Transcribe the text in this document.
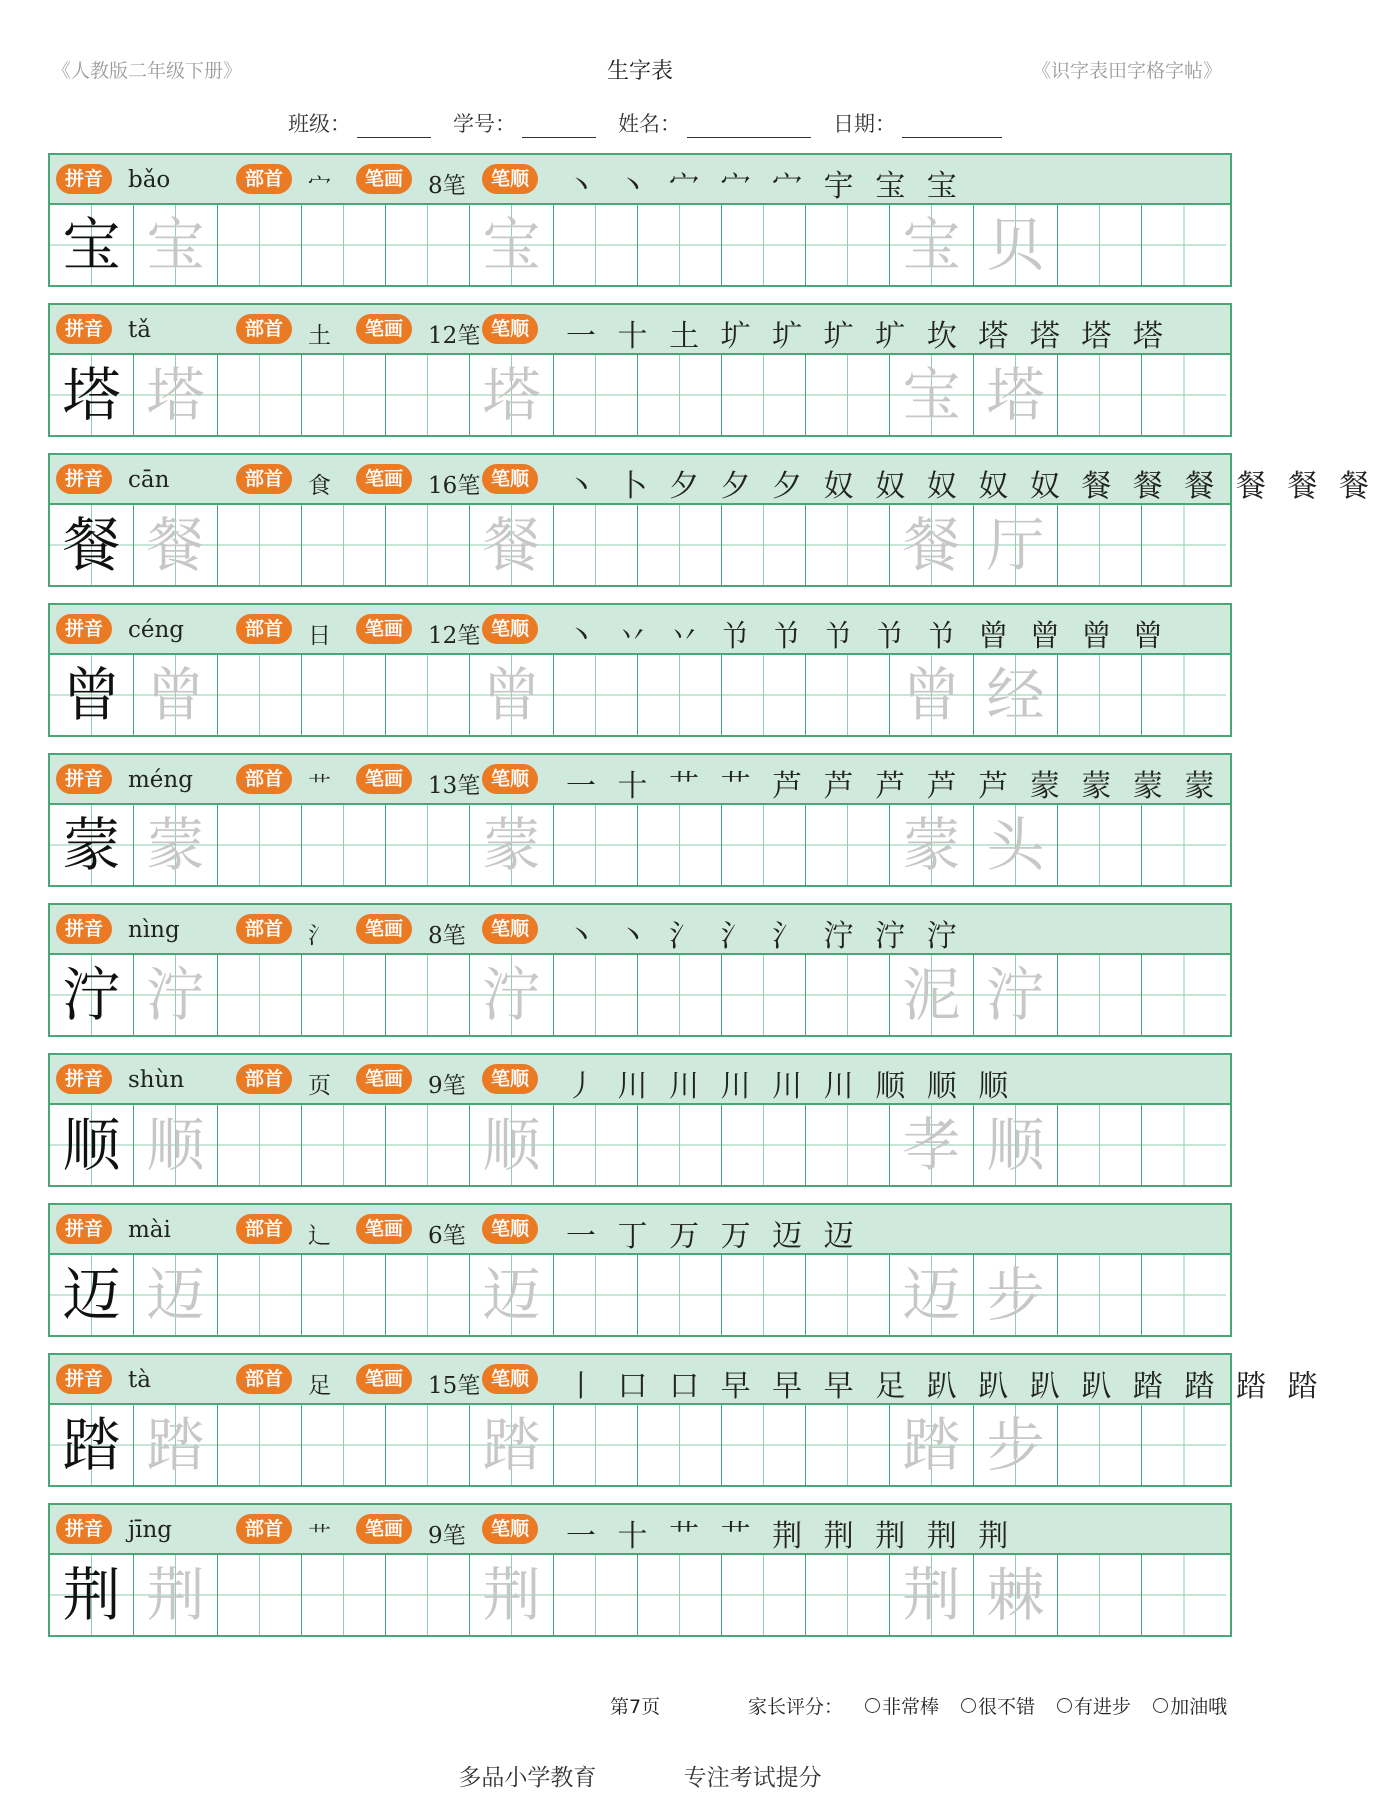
《人教版二年级下册》	生字表	《识字表田字格字帖》
班级：	学号：	姓名：	日期：
拼音	部首	笔画	笔顺
bǎo	宀	8笔	丶 丶 宀 宀 宀 宇 宝 宝
宝 宝	宝	宝 贝
拼音	部首	笔画	笔顺
tǎ	土	12笔	一 十 土 圹 圹 圹 圹 坎 塔 塔 塔 塔
塔 塔	塔	宝 塔
拼音	部首	笔画	笔顺
cān	食	16笔	丶 卜 夕 夕 夕 奴 奴 奴 奴 奴 餐 餐 餐 餐 餐 餐
餐 餐	餐	餐 厅
拼音	部首	笔画	笔顺
céng	日	12笔	丶 丷 丷 兯 兯 兯 兯 兯 曾 曾 曾 曾
曾 曾	曾	曾 经
拼音	部首	笔画	笔顺
méng	艹	13笔	一 十 艹 艹 芦 芦 芦 芦 芦 蒙 蒙 蒙 蒙
蒙 蒙	蒙	蒙 头
拼音	部首	笔画	笔顺
nìng	氵	8笔	丶 丶 氵 氵 氵 泞 泞 泞
泞 泞	泞	泥 泞
拼音	部首	笔画	笔顺
shùn	页	9笔	丿 川 川 川 川 川 顺 顺 顺
顺 顺	顺	孝 顺
拼音	部首	笔画	笔顺
mài	辶	6笔	一 丁 万 万 迈 迈
迈 迈	迈	迈 步
拼音	部首	笔画	笔顺
tà	足	15笔	丨 口 口 早 早 早 足 趴 趴 趴 趴 踏 踏 踏 踏
踏 踏	踏	踏 步
拼音	部首	笔画	笔顺
jīng	艹	9笔	一 十 艹 艹 荆 荆 荆 荆 荆
荆 荆	荆	荆 棘
第7页	家长评分： 非常棒 很不错 有进步 加油哦
多品小学教育	专注考试提分
